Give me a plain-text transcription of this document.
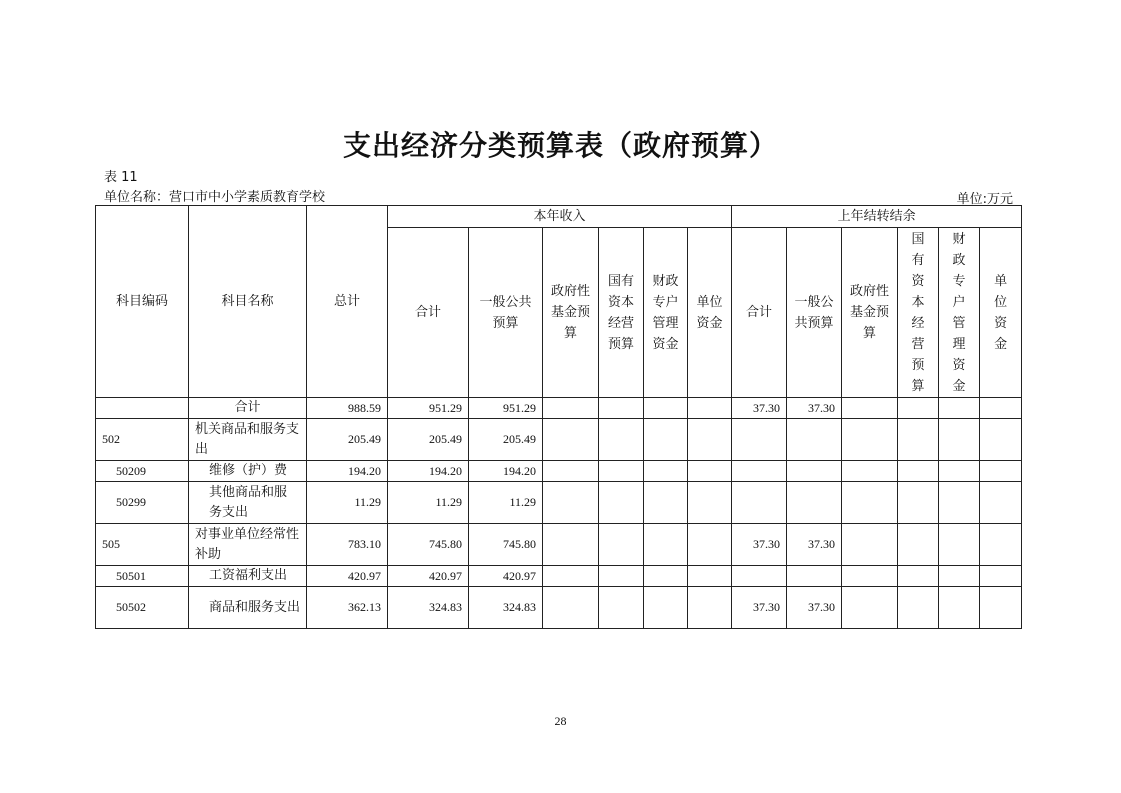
支出经济分类预算表（政府预算）
表 11
单位名称：营口市中小学素质教育学校	单位:万元
科目编码	科目名称	总计	本年收入						上年结转结余					
			合计	一般公共预算	政府性基金预算	国有资本经营预算	财政专户管理资金	单位资金	合计	一般公共预算	政府性基金预算	国有资本经营预算	财政专户管理资金	单位资金

	合计	988.59	951.29	951.29					37.30	37.30				
502	机关商品和服务支出	205.49	205.49	205.49										
50209	维修（护）费	194.20	194.20	194.20										
50299	其他商品和服务支出	11.29	11.29	11.29										
505	对事业单位经常性补助	783.10	745.80	745.80					37.30	37.30				
50501	工资福利支出	420.97	420.97	420.97										
50502	商品和服务支出	362.13	324.83	324.83					37.30	37.30				
28
